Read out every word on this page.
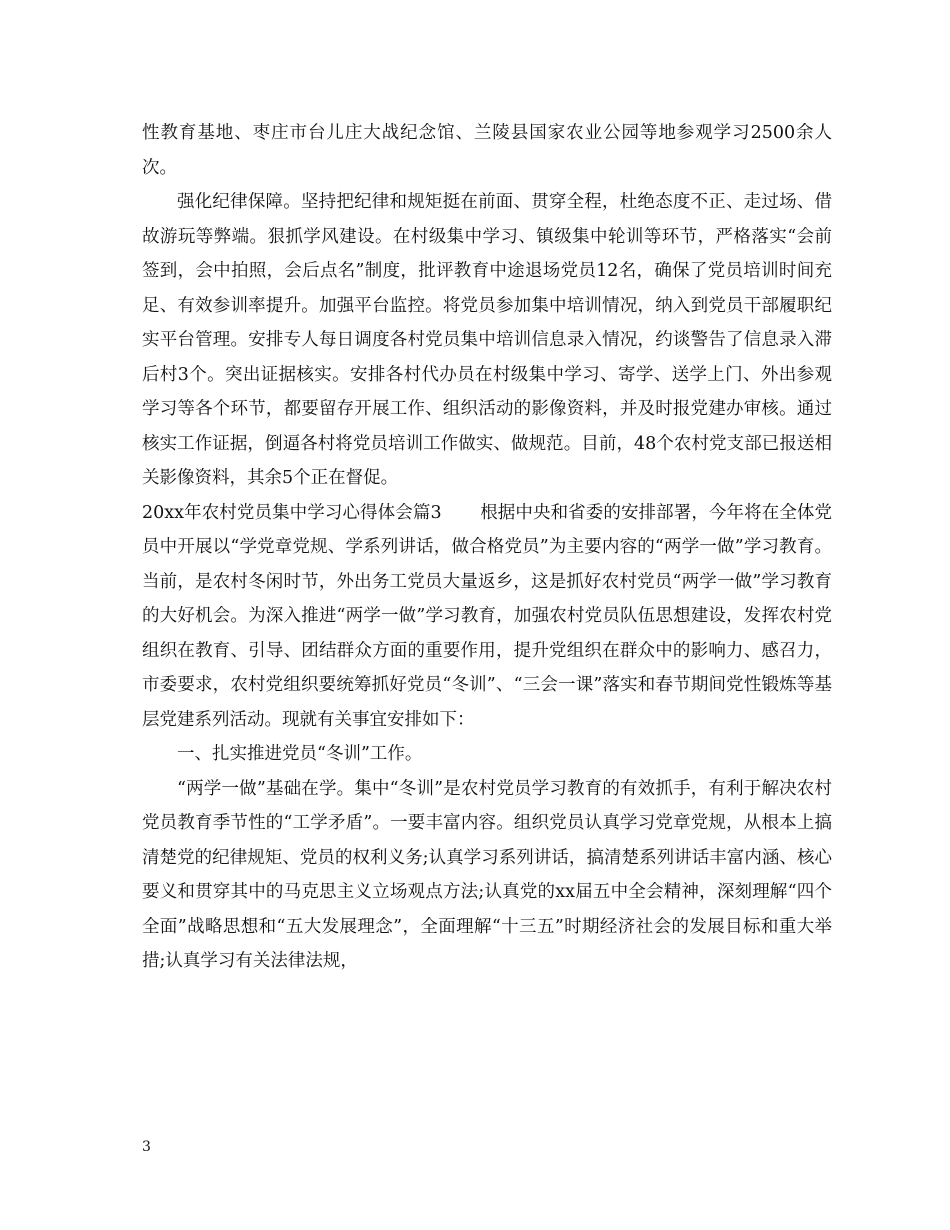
性教育基地、枣庄市台儿庄大战纪念馆、兰陵县国家农业公园等地参观学习2500余人次。

强化纪律保障。坚持把纪律和规矩挺在前面、贯穿全程，杜绝态度不正、走过场、借故游玩等弊端。狠抓学风建设。在村级集中学习、镇级集中轮训等环节，严格落实“会前签到，会中拍照，会后点名”制度，批评教育中途退场党员12名，确保了党员培训时间充足、有效参训率提升。加强平台监控。将党员参加集中培训情况，纳入到党员干部履职纪实平台管理。安排专人每日调度各村党员集中培训信息录入情况，约谈警告了信息录入滞后村3个。突出证据核实。安排各村代办员在村级集中学习、寄学、送学上门、外出参观学习等各个环节，都要留存开展工作、组织活动的影像资料，并及时报党建办审核。通过核实工作证据，倒逼各村将党员培训工作做实、做规范。目前，48个农村党支部已报送相关影像资料，其余5个正在督促。

20xx年农村党员集中学习心得体会篇3 根据中央和省委的安排部署，今年将在全体党员中开展以“学党章党规、学系列讲话，做合格党员”为主要内容的“两学一做”学习教育。当前，是农村冬闲时节，外出务工党员大量返乡，这是抓好农村党员“两学一做”学习教育的大好机会。为深入推进“两学一做”学习教育，加强农村党员队伍思想建设，发挥农村党组织在教育、引导、团结群众方面的重要作用，提升党组织在群众中的影响力、感召力，市委要求，农村党组织要统筹抓好党员“冬训”、“三会一课”落实和春节期间党性锻炼等基层党建系列活动。现就有关事宜安排如下：

一、扎实推进党员“冬训”工作。

“两学一做”基础在学。集中“冬训”是农村党员学习教育的有效抓手，有利于解决农村党员教育季节性的“工学矛盾”。一要丰富内容。组织党员认真学习党章党规，从根本上搞清楚党的纪律规矩、党员的权利义务;认真学习系列讲话，搞清楚系列讲话丰富内涵、核心要义和贯穿其中的马克思主义立场观点方法;认真党的xx届五中全会精神，深刻理解“四个全面”战略思想和“五大发展理念”，全面理解“十三五”时期经济社会的发展目标和重大举措;认真学习有关法律法规，

3
